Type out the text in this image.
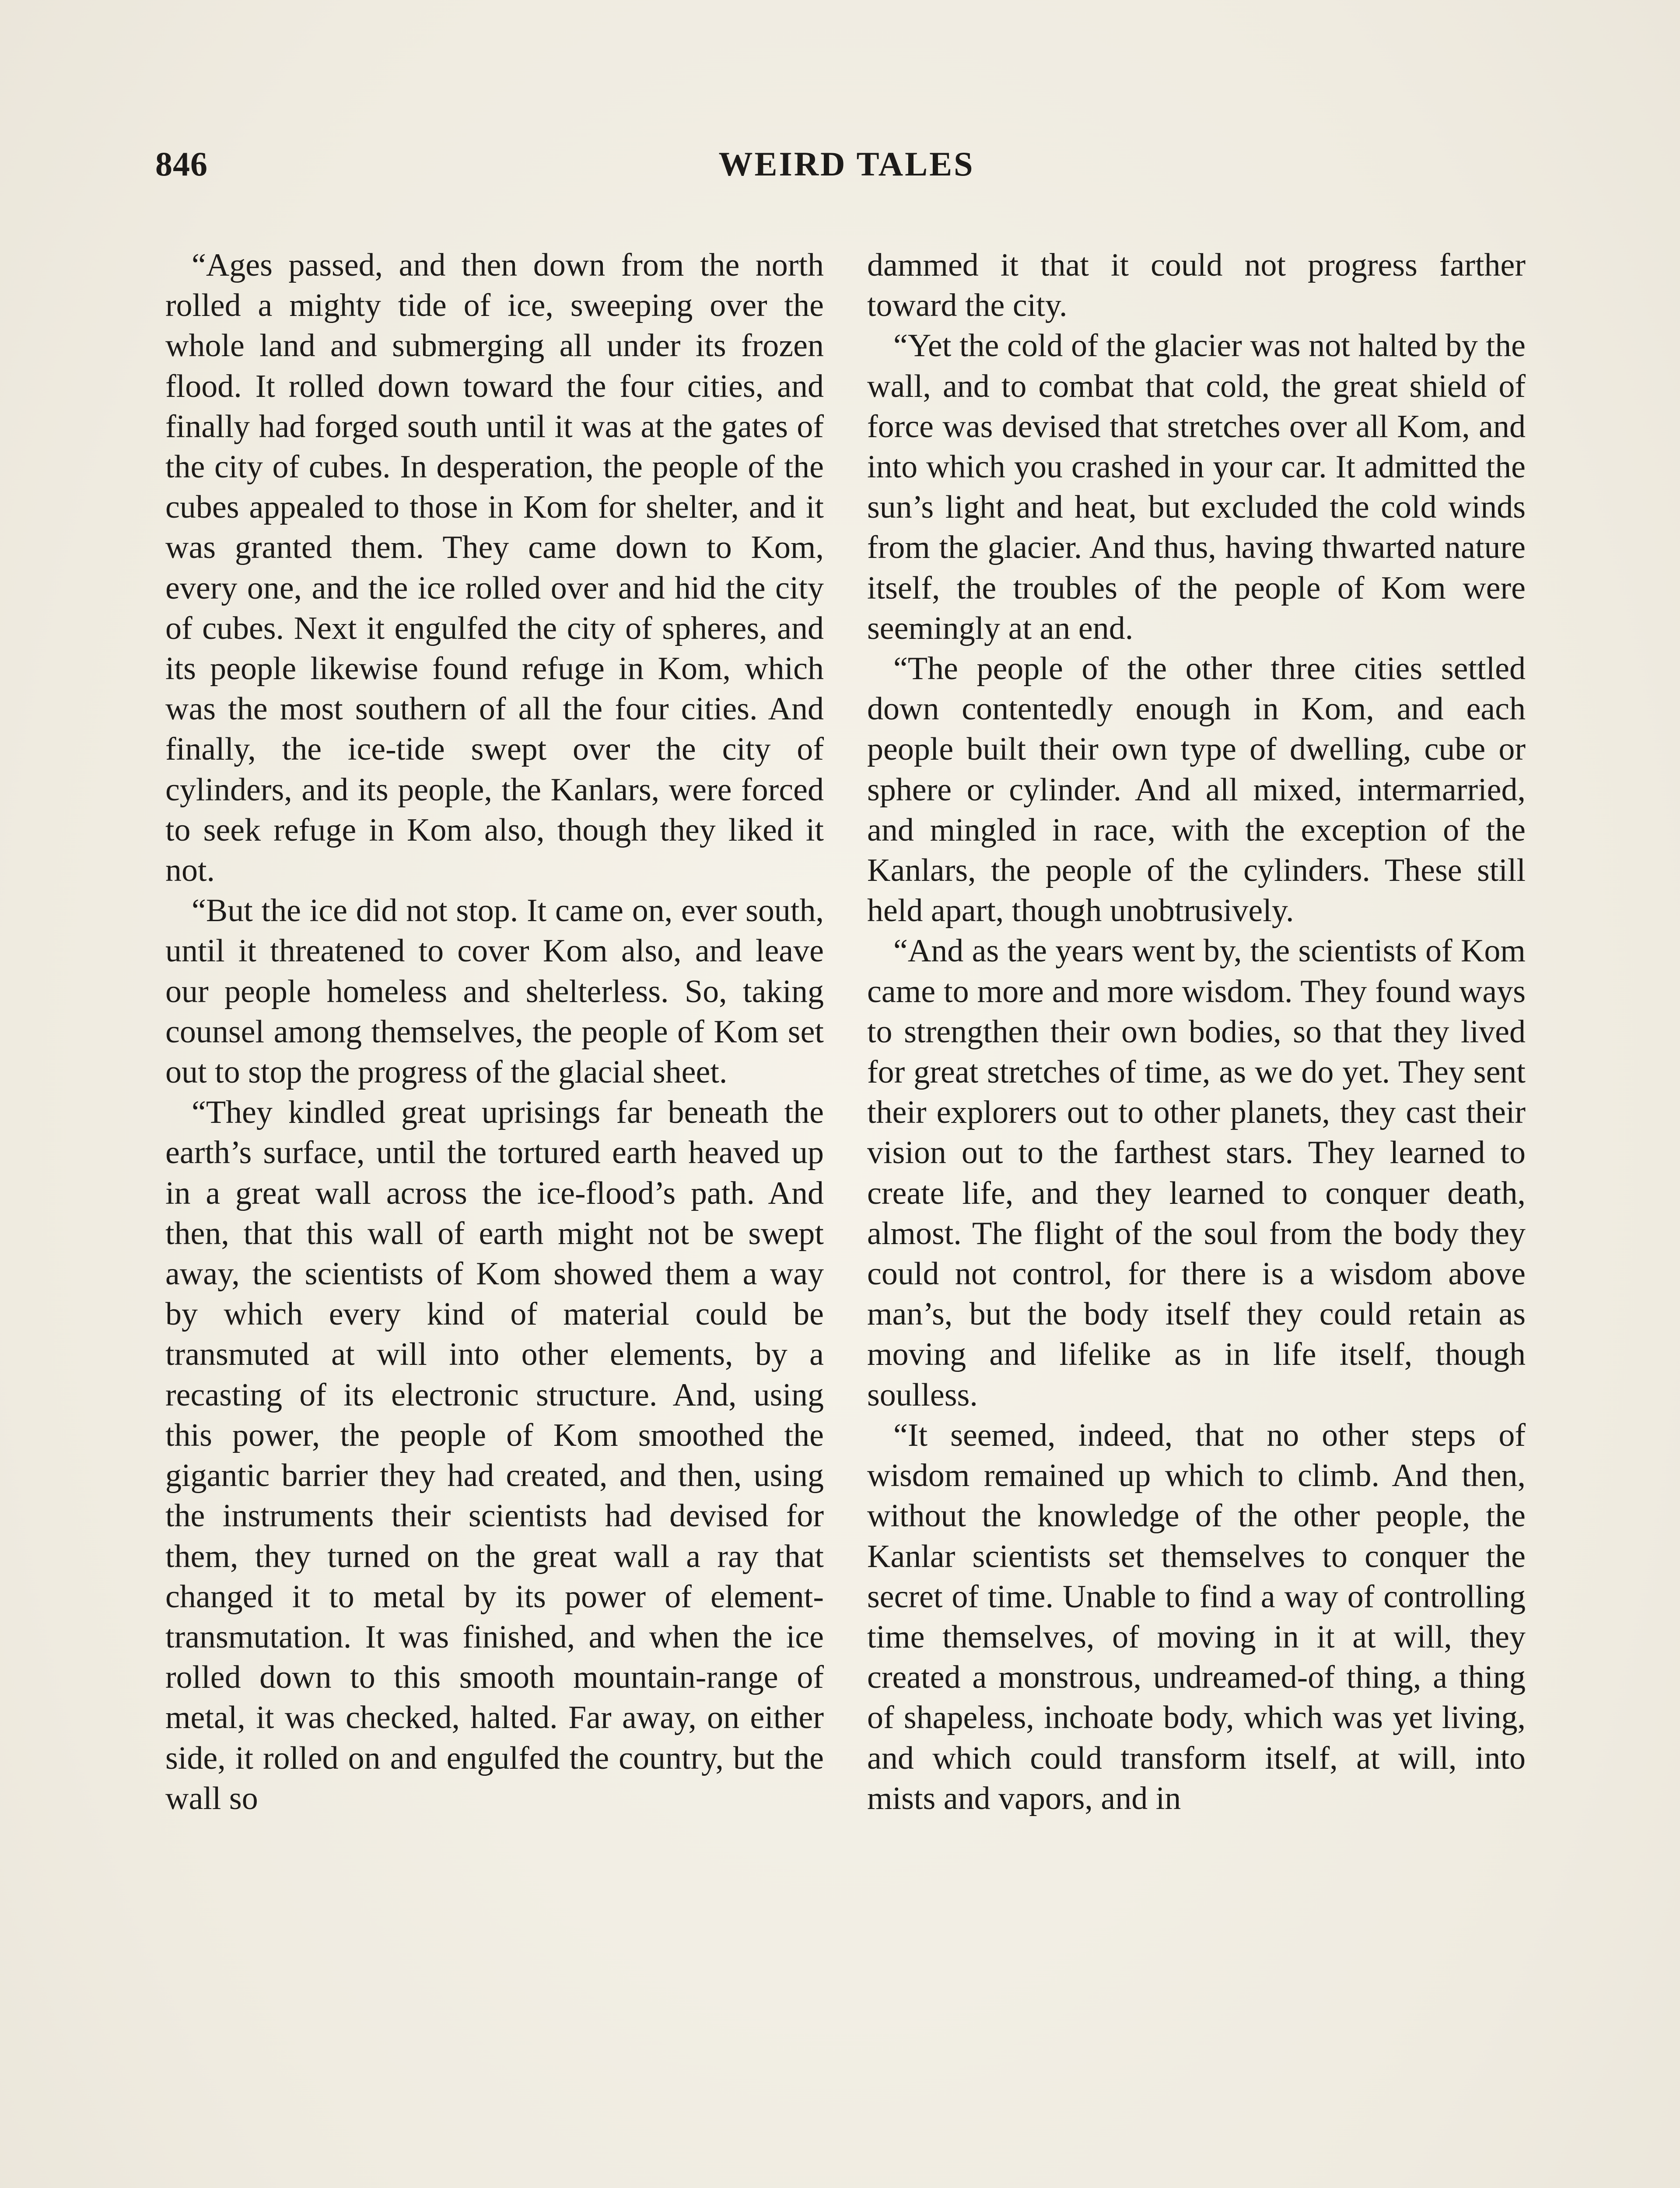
846	WEIRD TALES

“Ages passed, and then down from the north rolled a mighty tide of ice, sweeping over the whole land and submerging all under its frozen flood. It rolled down toward the four cities, and finally had forged south until it was at the gates of the city of cubes. In desperation, the people of the cubes appealed to those in Kom for shelter, and it was granted them. They came down to Kom, every one, and the ice rolled over and hid the city of cubes. Next it engulfed the city of spheres, and its people likewise found refuge in Kom, which was the most southern of all the four cities. And finally, the ice-tide swept over the city of cylinders, and its people, the Kanlars, were forced to seek refuge in Kom also, though they liked it not.

“But the ice did not stop. It came on, ever south, until it threatened to cover Kom also, and leave our people homeless and shelterless. So, taking counsel among themselves, the people of Kom set out to stop the progress of the glacial sheet.

“They kindled great uprisings far beneath the earth’s surface, until the tortured earth heaved up in a great wall across the ice-flood’s path. And then, that this wall of earth might not be swept away, the scientists of Kom showed them a way by which every kind of material could be transmuted at will into other elements, by a recasting of its electronic structure. And, using this power, the people of Kom smoothed the gigantic barrier they had created, and then, using the instruments their scientists had devised for them, they turned on the great wall a ray that changed it to metal by its power of element-transmutation. It was finished, and when the ice rolled down to this smooth mountain-range of metal, it was checked, halted. Far away, on either side, it rolled on and engulfed the country, but the wall so

dammed it that it could not progress farther toward the city.

“Yet the cold of the glacier was not halted by the wall, and to combat that cold, the great shield of force was devised that stretches over all Kom, and into which you crashed in your car. It admitted the sun’s light and heat, but excluded the cold winds from the glacier. And thus, having thwarted nature itself, the troubles of the people of Kom were seemingly at an end.

“The people of the other three cities settled down contentedly enough in Kom, and each people built their own type of dwelling, cube or sphere or cylinder. And all mixed, intermarried, and mingled in race, with the exception of the Kanlars, the people of the cylinders. These still held apart, though unobtrusively.

“And as the years went by, the scientists of Kom came to more and more wisdom. They found ways to strengthen their own bodies, so that they lived for great stretches of time, as we do yet. They sent their explorers out to other planets, they cast their vision out to the farthest stars. They learned to create life, and they learned to conquer death, almost. The flight of the soul from the body they could not control, for there is a wisdom above man’s, but the body itself they could retain as moving and lifelike as in life itself, though soulless.

“It seemed, indeed, that no other steps of wisdom remained up which to climb. And then, without the knowledge of the other people, the Kanlar scientists set themselves to conquer the secret of time. Unable to find a way of controlling time themselves, of moving in it at will, they created a monstrous, undreamed-of thing, a thing of shapeless, inchoate body, which was yet living, and which could transform itself, at will, into mists and vapors, and in
